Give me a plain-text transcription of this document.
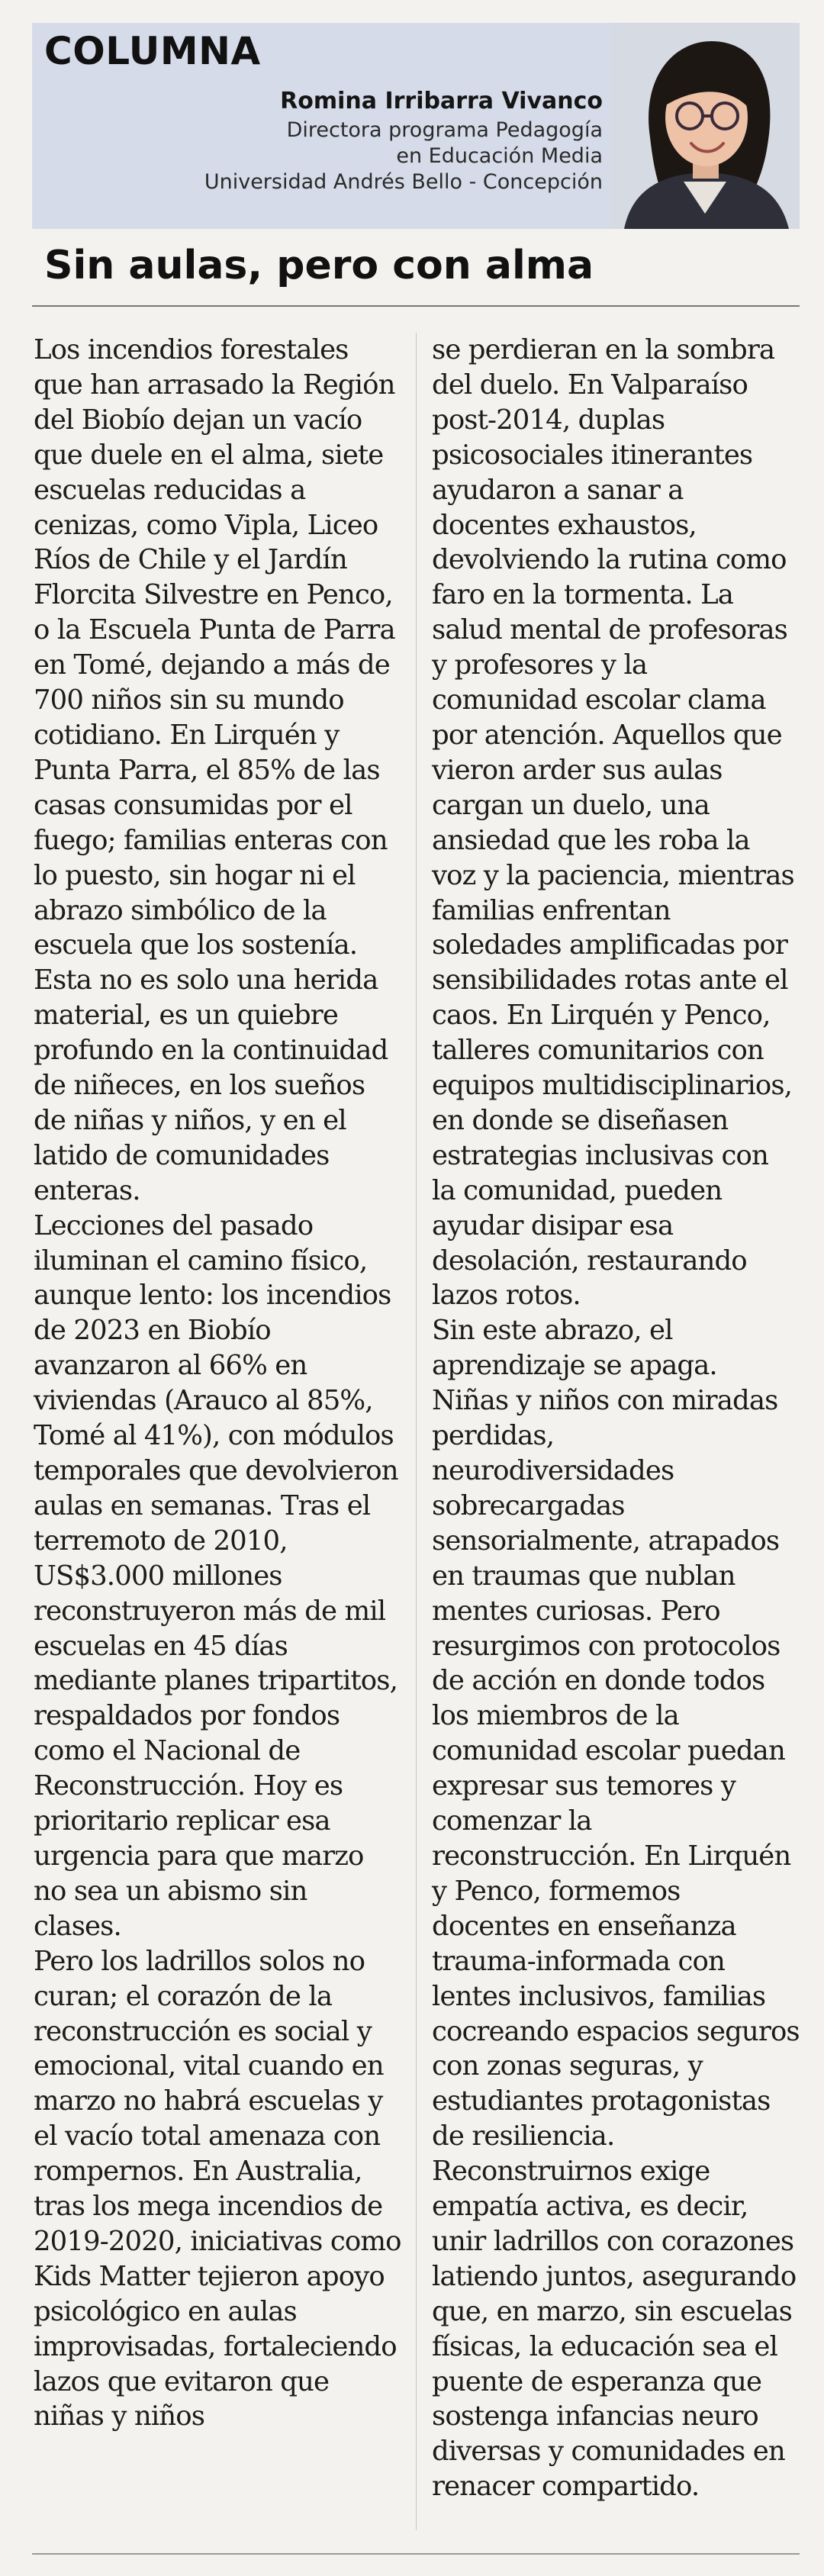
COLUMNA
Romina Irribarra Vivanco
Directora programa Pedagogía
en Educación Media
Universidad Andrés Bello - Concepción
Sin aulas, pero con alma

Los incendios forestales que han arrasado la Región del Biobío dejan un vacío que duele en el alma, siete escuelas reducidas a cenizas, como Vipla, Liceo Ríos de Chile y el Jardín Florcita Silvestre en Penco, o la Escuela Punta de Parra en Tomé, dejando a más de 700 niños sin su mundo cotidiano. En Lirquén y Punta Parra, el 85% de las casas consumidas por el fuego; familias enteras con lo puesto, sin hogar ni el abrazo simbólico de la escuela que los sostenía. Esta no es solo una herida material, es un quiebre profundo en la continuidad de niñeces, en los sueños de niñas y niños, y en el latido de comunidades enteras.

Lecciones del pasado iluminan el camino físico, aunque lento: los incendios de 2023 en Biobío avanzaron al 66% en viviendas (Arauco al 85%, Tomé al 41%), con módulos temporales que devolvieron aulas en semanas. Tras el terremoto de 2010, US$3.000 millones reconstruyeron más de mil escuelas en 45 días mediante planes tripartitos, respaldados por fondos como el Nacional de Reconstrucción. Hoy es prioritario replicar esa urgencia para que marzo no sea un abismo sin clases.

Pero los ladrillos solos no curan; el corazón de la reconstrucción es social y emocional, vital cuando en marzo no habrá escuelas y el vacío total amenaza con rompernos. En Australia, tras los mega incendios de 2019-2020, iniciativas como Kids Matter tejieron apoyo psicológico en aulas improvisadas, fortaleciendo lazos que evitaron que niñas y niños

se perdieran en la sombra del duelo. En Valparaíso post-2014, duplas psicosociales itinerantes ayudaron a sanar a docentes exhaustos, devolviendo la rutina como faro en la tormenta. La salud mental de profesoras y profesores y la comunidad escolar clama por atención. Aquellos que vieron arder sus aulas cargan un duelo, una ansiedad que les roba la voz y la paciencia, mientras familias enfrentan soledades amplificadas por sensibilidades rotas ante el caos. En Lirquén y Penco, talleres comunitarios con equipos multidisciplinarios, en donde se diseñasen estrategias inclusivas con la comunidad, pueden ayudar disipar esa desolación, restaurando lazos rotos.

Sin este abrazo, el aprendizaje se apaga. Niñas y niños con miradas perdidas, neurodiversidades sobrecargadas sensorialmente, atrapados en traumas que nublan mentes curiosas. Pero resurgimos con protocolos de acción en donde todos los miembros de la comunidad escolar puedan expresar sus temores y comenzar la reconstrucción. En Lirquén y Penco, formemos docentes en enseñanza trauma-informada con lentes inclusivos, familias cocreando espacios seguros con zonas seguras, y estudiantes protagonistas de resiliencia. Reconstruirnos exige empatía activa, es decir, unir ladrillos con corazones latiendo juntos, asegurando que, en marzo, sin escuelas físicas, la educación sea el puente de esperanza que sostenga infancias neuro diversas y comunidades en renacer compartido.
